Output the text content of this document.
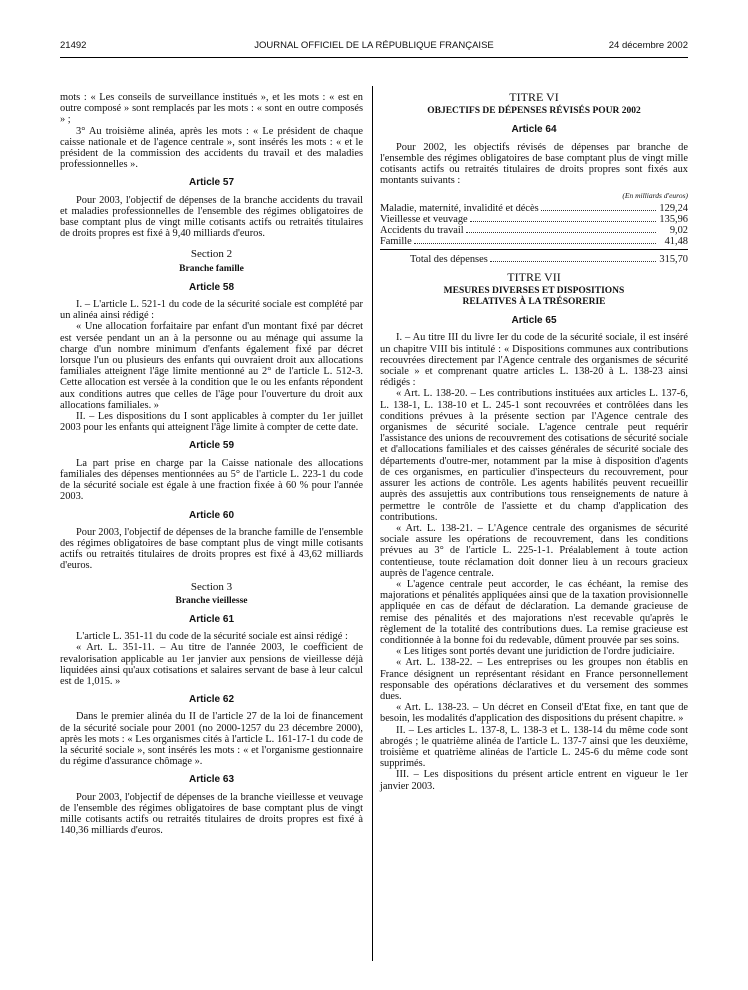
21492	JOURNAL OFFICIEL DE LA RÉPUBLIQUE FRANÇAISE	24 décembre 2002

mots : « Les conseils de surveillance institués », et les mots : « est en outre composé » sont remplacés par les mots : « sont en outre composés » ;

3° Au troisième alinéa, après les mots : « Le président de chaque caisse nationale et de l'agence centrale », sont insérés les mots : « et le président de la commission des accidents du travail et des maladies professionnelles ».

Article 57

Pour 2003, l'objectif de dépenses de la branche accidents du travail et maladies professionnelles de l'ensemble des régimes obligatoires de base comptant plus de vingt mille cotisants actifs ou retraités titulaires de droits propres est fixé à 9,40 milliards d'euros.

Section 2
Branche famille
Article 58

I. – L'article L. 521-1 du code de la sécurité sociale est complété par un alinéa ainsi rédigé :

« Une allocation forfaitaire par enfant d'un montant fixé par décret est versée pendant un an à la personne ou au ménage qui assume la charge d'un nombre minimum d'enfants également fixé par décret lorsque l'un ou plusieurs des enfants qui ouvraient droit aux allocations familiales atteignent l'âge limite mentionné au 2° de l'article L. 512-3. Cette allocation est versée à la condition que le ou les enfants répondent aux conditions autres que celles de l'âge pour l'ouverture du droit aux allocations familiales. »

II. – Les dispositions du I sont applicables à compter du 1er juillet 2003 pour les enfants qui atteignent l'âge limite à compter de cette date.

Article 59

La part prise en charge par la Caisse nationale des allocations familiales des dépenses mentionnées au 5° de l'article L. 223-1 du code de la sécurité sociale est égale à une fraction fixée à 60 % pour l'année 2003.

Article 60

Pour 2003, l'objectif de dépenses de la branche famille de l'ensemble des régimes obligatoires de base comptant plus de vingt mille cotisants actifs ou retraités titulaires de droits propres est fixé à 43,62 milliards d'euros.

Section 3
Branche vieillesse
Article 61

L'article L. 351-11 du code de la sécurité sociale est ainsi rédigé :

« Art. L. 351-11. – Au titre de l'année 2003, le coefficient de revalorisation applicable au 1er janvier aux pensions de vieillesse déjà liquidées ainsi qu'aux cotisations et salaires servant de base à leur calcul est de 1,015. »

Article 62

Dans le premier alinéa du II de l'article 27 de la loi de financement de la sécurité sociale pour 2001 (no 2000-1257 du 23 décembre 2000), après les mots : « Les organismes cités à l'article L. 161-17-1 du code de la sécurité sociale », sont insérés les mots : « et l'organisme gestionnaire du régime d'assurance chômage ».

Article 63

Pour 2003, l'objectif de dépenses de la branche vieillesse et veuvage de l'ensemble des régimes obligatoires de base comptant plus de vingt mille cotisants actifs ou retraités titulaires de droits propres est fixé à 140,36 milliards d'euros.

TITRE VI
OBJECTIFS DE DÉPENSES RÉVISÉS POUR 2002
Article 64

Pour 2002, les objectifs révisés de dépenses par branche de l'ensemble des régimes obligatoires de base comptant plus de vingt mille cotisants actifs ou retraités titulaires de droits propres sont fixés aux montants suivants :

(En milliards d'euros)
Maladie, maternité, invalidité et décès	129,24
Vieillesse et veuvage	135,96
Accidents du travail	9,02
Famille	41,48
Total des dépenses	315,70
TITRE VII
MESURES DIVERSES ET DISPOSITIONS
RELATIVES À LA TRÉSORERIE
Article 65

I. – Au titre III du livre Ier du code de la sécurité sociale, il est inséré un chapitre VIII bis intitulé : « Dispositions communes aux contributions recouvrées directement par l'Agence centrale des organismes de sécurité sociale » et comprenant quatre articles L. 138-20 à L. 138-23 ainsi rédigés :

« Art. L. 138-20. – Les contributions instituées aux articles L. 137-6, L. 138-1, L. 138-10 et L. 245-1 sont recouvrées et contrôlées dans les conditions prévues à la présente section par l'Agence centrale des organismes de sécurité sociale. L'agence centrale peut requérir l'assistance des unions de recouvrement des cotisations de sécurité sociale et d'allocations familiales et des caisses générales de sécurité sociale des départements d'outre-mer, notamment par la mise à disposition d'agents de ces organismes, en particulier d'inspecteurs du recouvrement, pour assurer les actions de contrôle. Les agents habilités peuvent recueillir auprès des assujettis aux contributions tous renseignements de nature à permettre le contrôle de l'assiette et du champ d'application des contributions.

« Art. L. 138-21. – L'Agence centrale des organismes de sécurité sociale assure les opérations de recouvrement, dans les conditions prévues au 3° de l'article L. 225-1-1. Préalablement à toute action contentieuse, toute réclamation doit donner lieu à un recours gracieux auprès de l'agence centrale.

« L'agence centrale peut accorder, le cas échéant, la remise des majorations et pénalités appliquées ainsi que de la taxation provisionnelle appliquée en cas de défaut de déclaration. La demande gracieuse de remise des pénalités et des majorations n'est recevable qu'après le règlement de la totalité des contributions dues. La remise gracieuse est conditionnée à la bonne foi du redevable, dûment prouvée par ses soins.

« Les litiges sont portés devant une juridiction de l'ordre judiciaire.

« Art. L. 138-22. – Les entreprises ou les groupes non établis en France désignent un représentant résidant en France personnellement responsable des opérations déclaratives et du versement des sommes dues.

« Art. L. 138-23. – Un décret en Conseil d'Etat fixe, en tant que de besoin, les modalités d'application des dispositions du présent chapitre. »

II. – Les articles L. 137-8, L. 138-3 et L. 138-14 du même code sont abrogés ; le quatrième alinéa de l'article L. 137-7 ainsi que les deuxième, troisième et quatrième alinéas de l'article L. 245-6 du même code sont supprimés.

III. – Les dispositions du présent article entrent en vigueur le 1er janvier 2003.
